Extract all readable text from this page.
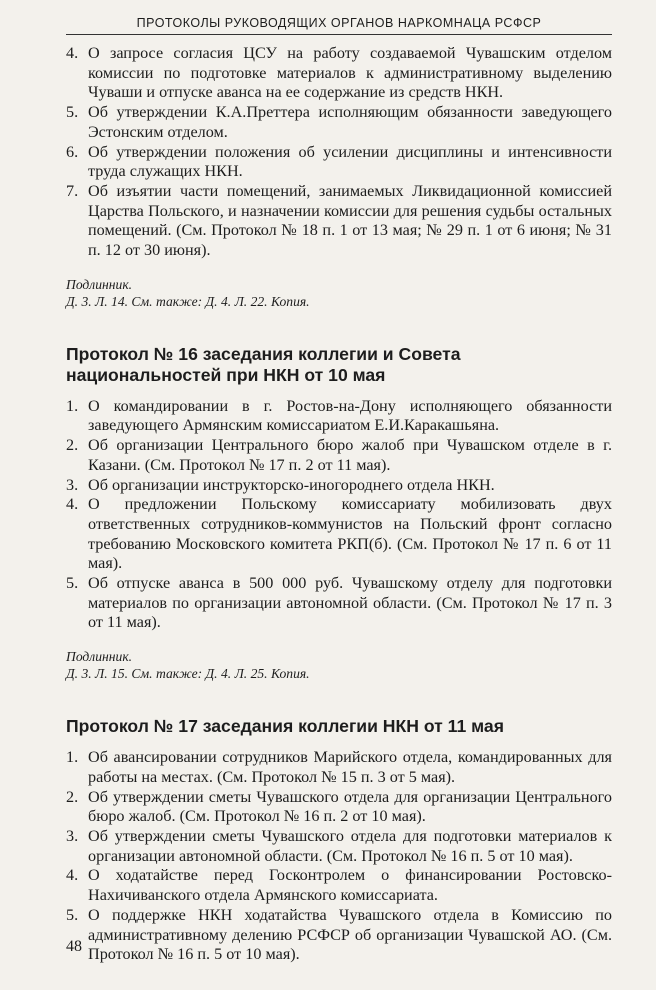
ПРОТОКОЛЫ РУКОВОДЯЩИХ ОРГАНОВ НАРКОМНАЦА РСФСР
4. О запросе согласия ЦСУ на работу создаваемой Чувашским отделом комиссии по подготовке материалов к административному выделению Чуваши и отпуске аванса на ее содержание из средств НКН.
5. Об утверждении К.А.Преттера исполняющим обязанности заведующего Эстонским отделом.
6. Об утверждении положения об усилении дисциплины и интенсивности труда служащих НКН.
7. Об изъятии части помещений, занимаемых Ликвидационной комиссией Царства Польского, и назначении комиссии для решения судьбы остальных помещений. (См. Протокол № 18 п. 1 от 13 мая; № 29 п. 1 от 6 июня; № 31 п. 12 от 30 июня).

Подлинник.

Д. 3. Л. 14. См. также: Д. 4. Л. 22. Копия.

Протокол № 16 заседания коллегии и Совета национальностей при НКН от 10 мая
1. О командировании в г. Ростов-на-Дону исполняющего обязанности заведующего Армянским комиссариатом Е.И.Каракашьяна.
2. Об организации Центрального бюро жалоб при Чувашском отделе в г. Казани. (См. Протокол № 17 п. 2 от 11 мая).
3. Об организации инструкторско-иногороднего отдела НКН.
4. О предложении Польскому комиссариату мобилизовать двух ответственных сотрудников-коммунистов на Польский фронт согласно требованию Московского комитета РКП(б). (См. Протокол № 17 п. 6 от 11 мая).
5. Об отпуске аванса в 500 000 руб. Чувашскому отделу для подготовки материалов по организации автономной области. (См. Протокол № 17 п. 3 от 11 мая).

Подлинник.

Д. 3. Л. 15. См. также: Д. 4. Л. 25. Копия.

Протокол № 17 заседания коллегии НКН от 11 мая
1. Об авансировании сотрудников Марийского отдела, командированных для работы на местах. (См. Протокол № 15 п. 3 от 5 мая).
2. Об утверждении сметы Чувашского отдела для организации Центрального бюро жалоб. (См. Протокол № 16 п. 2 от 10 мая).
3. Об утверждении сметы Чувашского отдела для подготовки материалов к организации автономной области. (См. Протокол № 16 п. 5 от 10 мая).
4. О ходатайстве перед Госконтролем о финансировании Ростовско-Нахичиванского отдела Армянского комиссариата.
5. О поддержке НКН ходатайства Чувашского отдела в Комиссию по административному делению РСФСР об организации Чувашской АО. (См. Протокол № 16 п. 5 от 10 мая).
48
